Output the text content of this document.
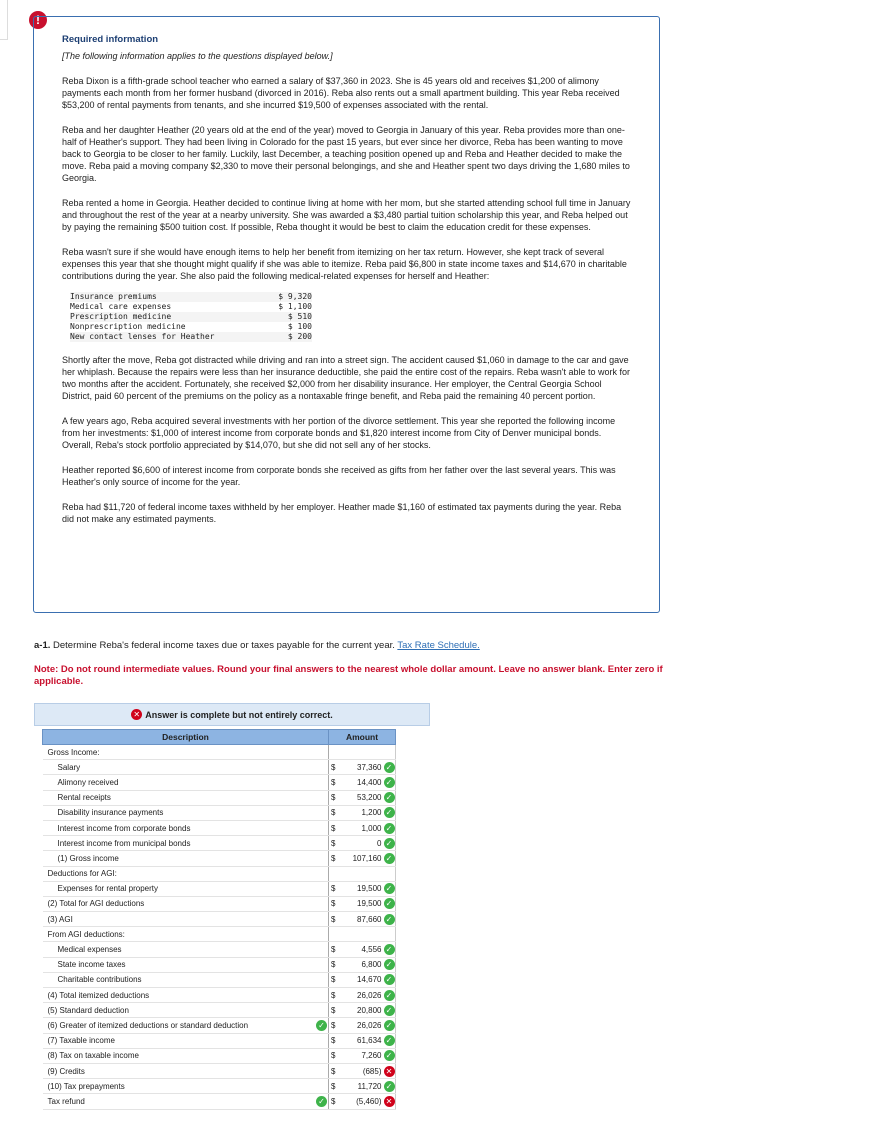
!
Required information
[The following information applies to the questions displayed below.]

Reba Dixon is a fifth-grade school teacher who earned a salary of $37,360 in 2023. She is 45 years old and receives $1,200 of alimony payments each month from her former husband (divorced in 2016). Reba also rents out a small apartment building. This year Reba received $53,200 of rental payments from tenants, and she incurred $19,500 of expenses associated with the rental.

Reba and her daughter Heather (20 years old at the end of the year) moved to Georgia in January of this year. Reba provides more than one-half of Heather's support. They had been living in Colorado for the past 15 years, but ever since her divorce, Reba has been wanting to move back to Georgia to be closer to her family. Luckily, last December, a teaching position opened up and Reba and Heather decided to make the move. Reba paid a moving company $2,330 to move their personal belongings, and she and Heather spent two days driving the 1,680 miles to Georgia.

Reba rented a home in Georgia. Heather decided to continue living at home with her mom, but she started attending school full time in January and throughout the rest of the year at a nearby university. She was awarded a $3,480 partial tuition scholarship this year, and Reba helped out by paying the remaining $500 tuition cost. If possible, Reba thought it would be best to claim the education credit for these expenses.

Reba wasn't sure if she would have enough items to help her benefit from itemizing on her tax return. However, she kept track of several expenses this year that she thought might qualify if she was able to itemize. Reba paid $6,800 in state income taxes and $14,670 in charitable contributions during the year. She also paid the following medical-related expenses for herself and Heather:

Insurance premiums	$ 9,320
Medical care expenses	$ 1,100
Prescription medicine	$ 510
Nonprescription medicine	$ 100
New contact lenses for Heather	$ 200

Shortly after the move, Reba got distracted while driving and ran into a street sign. The accident caused $1,060 in damage to the car and gave her whiplash. Because the repairs were less than her insurance deductible, she paid the entire cost of the repairs. Reba wasn't able to work for two months after the accident. Fortunately, she received $2,000 from her disability insurance. Her employer, the Central Georgia School District, paid 60 percent of the premiums on the policy as a nontaxable fringe benefit, and Reba paid the remaining 40 percent portion.

A few years ago, Reba acquired several investments with her portion of the divorce settlement. This year she reported the following income from her investments: $1,000 of interest income from corporate bonds and $1,820 interest income from City of Denver municipal bonds. Overall, Reba's stock portfolio appreciated by $14,070, but she did not sell any of her stocks.

Heather reported $6,600 of interest income from corporate bonds she received as gifts from her father over the last several years. This was Heather's only source of income for the year.

Reba had $11,720 of federal income taxes withheld by her employer. Heather made $1,160 of estimated tax payments during the year. Reba did not make any estimated payments.

a-1. Determine Reba's federal income taxes due or taxes payable for the current year. Tax Rate Schedule.
Note: Do not round intermediate values. Round your final answers to the nearest whole dollar amount. Leave no answer blank. Enter zero if applicable.
✕ Answer is complete but not entirely correct.
Description		Amount		
Gross Income:				
Salary		$	37,360	✓
Alimony received		$	14,400	✓
Rental receipts		$	53,200	✓
Disability insurance payments		$	1,200	✓
Interest income from corporate bonds		$	1,000	✓
Interest income from municipal bonds		$	0	✓
(1) Gross income		$	107,160	✓
Deductions for AGI:				
Expenses for rental property		$	19,500	✓
(2) Total for AGI deductions		$	19,500	✓
(3) AGI		$	87,660	✓
From AGI deductions:				
Medical expenses		$	4,556	✓
State income taxes		$	6,800	✓
Charitable contributions		$	14,670	✓
(4) Total itemized deductions		$	26,026	✓
(5) Standard deduction		$	20,800	✓
(6) Greater of itemized deductions or standard deduction	✓	$	26,026	✓
(7) Taxable income		$	61,634	✓
(8) Tax on taxable income		$	7,260	✓
(9) Credits		$	(685)	✕
(10) Tax prepayments		$	11,720	✓
Tax refund	✓	$	(5,460)	✕
